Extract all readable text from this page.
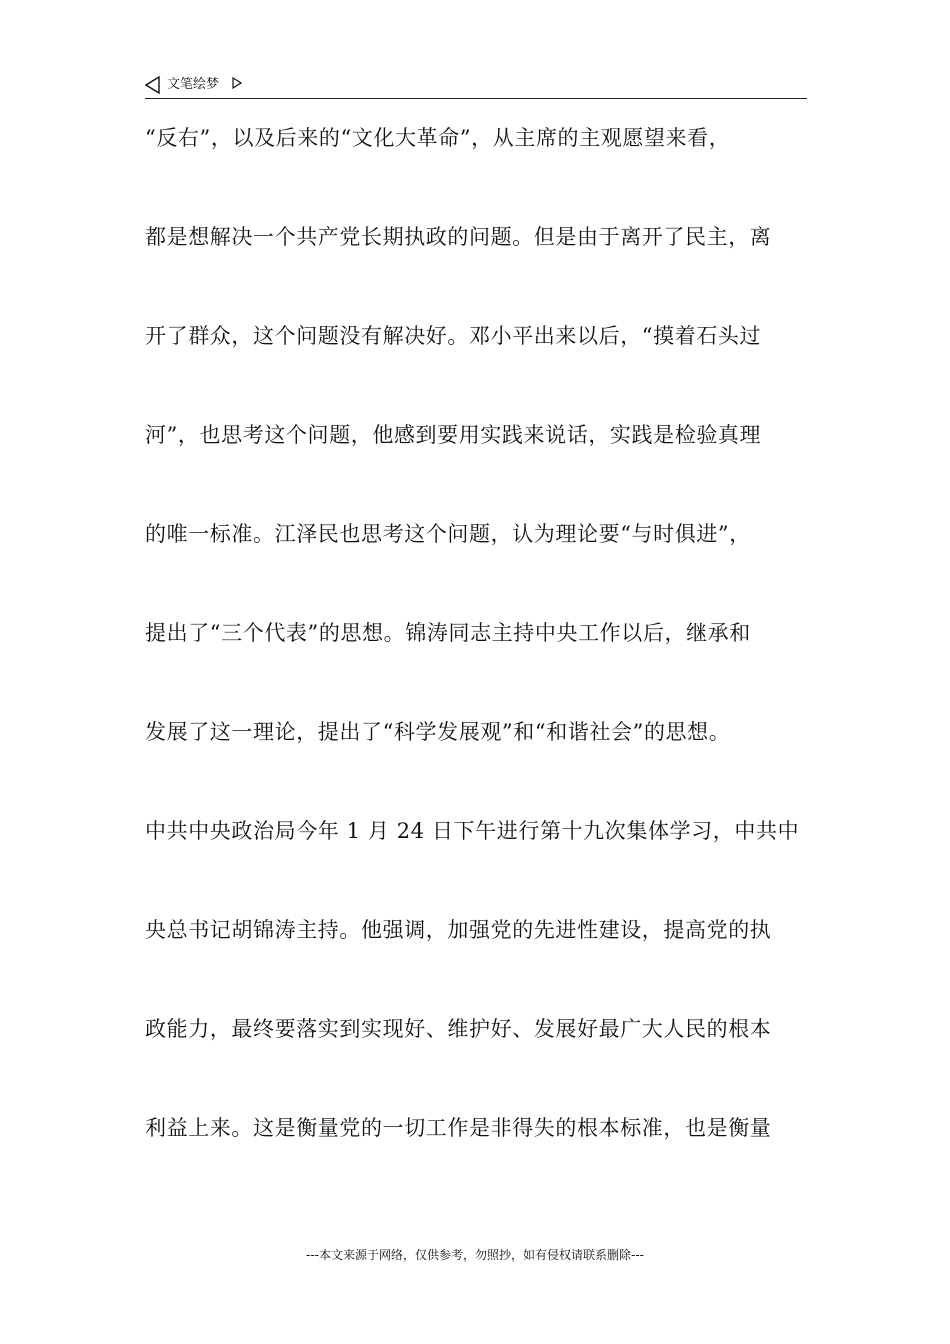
文笔绘梦
“反右”，以及后来的“文化大革命”，从主席的主观愿望来看，
都是想解决一个共产党长期执政的问题。但是由于离开了民主，离
开了群众，这个问题没有解决好。邓小平出来以后，“摸着石头过
河”，也思考这个问题，他感到要用实践来说话，实践是检验真理
的唯一标准。江泽民也思考这个问题，认为理论要“与时俱进”，
提出了“三个代表”的思想。锦涛同志主持中央工作以后，继承和
发展了这一理论，提出了“科学发展观”和“和谐社会”的思想。
中共中央政治局今年 1 月 24 日下午进行第十九次集体学习，中共中
央总书记胡锦涛主持。他强调，加强党的先进性建设，提高党的执
政能力，最终要落实到实现好、维护好、发展好最广大人民的根本
利益上来。这是衡量党的一切工作是非得失的根本标准，也是衡量
---本文来源于网络，仅供参考，勿照抄，如有侵权请联系删除---
